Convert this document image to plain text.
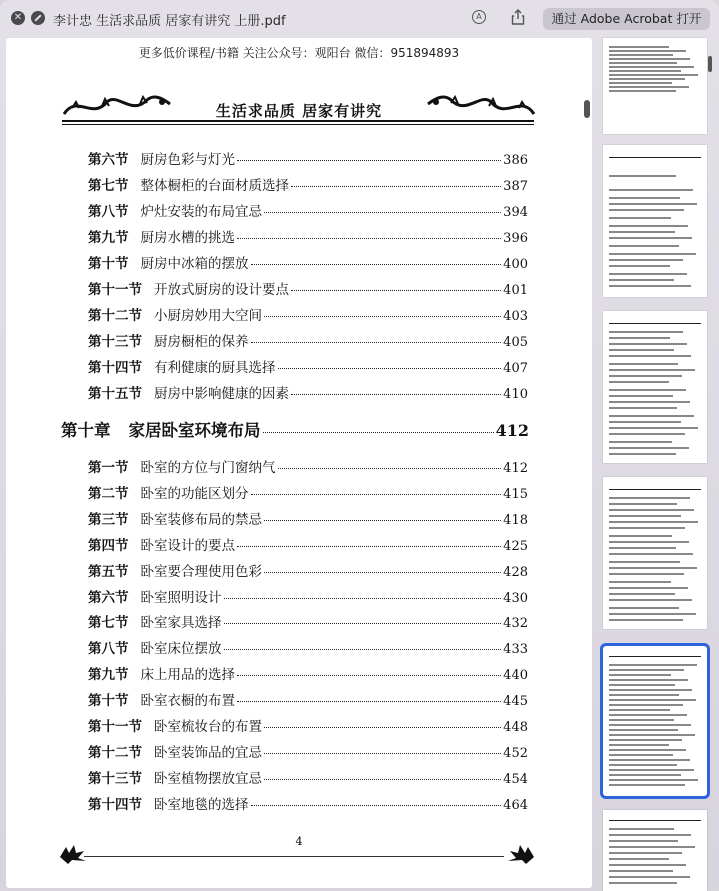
✕ 李计忠 生活求品质 居家有讲究 上册.pdf	A	通过 Adobe Acrobat 打开
更多低价课程/书籍 关注公众号：观阳台 微信：951894893
生活求品质 居家有讲究
第六节 厨房色彩与灯光	386
第七节 整体橱柜的台面材质选择	387
第八节 炉灶安装的布局宜忌	394
第九节 厨房水槽的挑选	396
第十节 厨房中冰箱的摆放	400
第十一节 开放式厨房的设计要点	401
第十二节 小厨房妙用大空间	403
第十三节 厨房橱柜的保养	405
第十四节 有利健康的厨具选择	407
第十五节 厨房中影响健康的因素	410
第十章 家居卧室环境布局	412
第一节 卧室的方位与门窗纳气	412
第二节 卧室的功能区划分	415
第三节 卧室装修布局的禁忌	418
第四节 卧室设计的要点	425
第五节 卧室要合理使用色彩	428
第六节 卧室照明设计	430
第七节 卧室家具选择	432
第八节 卧室床位摆放	433
第九节 床上用品的选择	440
第十节 卧室衣橱的布置	445
第十一节 卧室梳妆台的布置	448
第十二节 卧室装饰品的宜忌	452
第十三节 卧室植物摆放宜忌	454
第十四节 卧室地毯的选择	464
4
